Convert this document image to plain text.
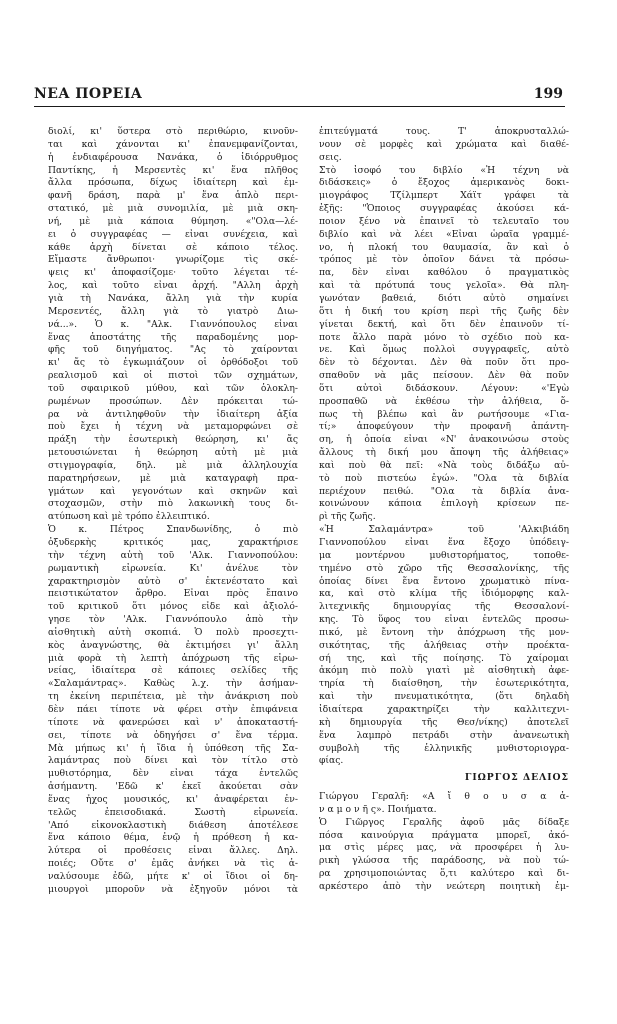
ΝΕΑ ΠΟΡΕΙΑ	199
διολί, κι' ὕστερα στὸ περιθώριο, κινοῦν-
ται καὶ χάνονται κι' ἐπανεμφανίζονται,
ἡ ἐνδιαφέρουσα Νανάκα, ὁ ἰδιόρρυθμος
Παντίκης, ἡ Μερσεντὲς κι' ἕνα πλῆθος
ἄλλα πρόσωπα, δίχως ἰδιαίτερη καὶ ἐμ-
φανῆ δράση, παρὰ μ' ἕνα ἁπλὸ περι-
στατικό, μὲ μιὰ συνομιλία, μὲ μιὰ σκη-
νή, μὲ μιὰ κάποια θύμηση. «"Ολα—λέ-
ει ὁ συγγραφέας — εἶναι συνέχεια, καὶ
κάθε ἀρχὴ δίνεται σὲ κάποιο τέλος.
Εἴμαστε ἄνθρωποι· γνωρίζομε τὶς σκέ-
ψεις κι' ἀποφασίζομε· τοῦτο λέγεται τέ-
λος, καὶ τοῦτο εἶναι ἀρχή. "Αλλη ἀρχὴ
γιὰ τὴ Νανάκα, ἄλλη γιὰ τὴν κυρία
Μερσεντές, ἄλλη γιὰ τὸ γιατρὸ Διω-
νά...». Ὁ κ. "Αλκ. Γιαννόπουλος εἶναι
ἕνας ἀποστάτης τῆς παραδομένης μορ-
φῆς τοῦ διηγήματος. "Ας τὸ χαίρονται
κι' ἄς τὸ ἐγκωμιάζουν οἱ ὀρθόδοξοι τοῦ
ρεαλισμοῦ καὶ οἱ πιστοὶ τῶν σχημάτων,
τοῦ σφαιρικοῦ μύθου, καὶ τῶν ὁλοκλη-
ρωμένων προσώπων. Δὲν πρόκειται τώ-
ρα νὰ ἀντιληφθοῦν τὴν ἰδιαίτερη ἀξία
ποὺ ἔχει ἡ τέχνη νὰ μεταμορφώνει σὲ
πράξη τὴν ἐσωτερικὴ θεώρηση, κι' ἄς
μετουσιώνεται ἡ θεώρηση αὐτὴ μὲ μιὰ
στιγμογραφία, δηλ. μὲ μιὰ ἀλληλουχία
παρατηρήσεων, μὲ μιὰ καταγραφὴ πρα-
γμάτων καὶ γεγονότων καὶ σκηνῶν καὶ
στοχασμῶν, στὴν πιὸ λακωνικὴ τους δι-
ατύπωση καὶ μὲ τρόπο ἐλλειπτικό.
Ὁ κ. Πέτρος Σπανδωνίδης, ὁ πιὸ
ὀξυδερκὴς κριτικός μας, χαρακτήρισε
τὴν τέχνη αὐτὴ τοῦ 'Αλκ. Γιαννοπούλου:
ρωμαντικὴ εἰρωνεία. Κι' ἀνέλυε τὸν
χαρακτηρισμὸν αὐτὸ σ' ἐκτενέστατο καὶ
πειστικώτατον ἄρθρο. Εἶναι πρὸς ἔπαινο
τοῦ κριτικοῦ ὅτι μόνος εἶδε καὶ ἀξιολό-
γησε τὸν 'Αλκ. Γιαννόπουλο ἀπὸ τὴν
αἰσθητικὴ αὐτὴ σκοπιά. Ὁ πολὺ προσεχτι-
κὸς ἀναγνώστης, θὰ ἐκτιμήσει γι' ἄλλη
μιὰ φορὰ τὴ λεπτὴ ἀπόχρωση τῆς εἰρω-
νείας, ἰδιαίτερα σὲ κάποιες σελίδες τῆς
«Σαλαμάντρας». Καθὼς λ.χ. τὴν ἀσήμαν-
τη ἐκείνη περιπέτεια, μὲ τὴν ἀνάκριση ποὺ
δὲν πάει τίποτε νὰ φέρει στὴν ἐπιφάνεια
τίποτε νὰ φανερώσει καὶ ν' ἀποκαταστή-
σει, τίποτε νὰ ὁδηγήσει σ' ἕνα τέρμα.
Μὰ μήπως κι' ἡ ἴδια ἡ ὑπόθεση τῆς Σα-
λαμάντρας ποὺ δίνει καὶ τὸν τίτλο στὸ
μυθιστόρημα, δὲν εἶναι τάχα ἐντελῶς
ἀσήμαντη. 'Εδῶ κ' ἐκεῖ ἀκούεται σὰν
ἕνας ἦχος μουσικός, κι' ἀναφέρεται ἐν-
τελῶς ἐπεισοδιακά. Σωστὴ εἰρωνεία.
'Από εἰκονοκλαστικὴ διάθεση ἀποτέλεσε
ἕνα κάποιο θέμα, ἐνῷ ἡ πρόθεση ἦ κα-
λύτερα οἱ προθέσεις εἶναι ἄλλες. Δηλ.
ποιές; Οὔτε σ' ἐμᾶς ἀνήκει νὰ τὶς ἀ-
ναλύσουμε ἐδῶ, μήτε κ' οἱ ἴδιοι οἱ δη-
μιουργοὶ μποροῦν νὰ ἐξηγοῦν μόνοι τὰ
ἐπιτεύγματά τους. Τ' ἀποκρυσταλλώ-
νουν σὲ μορφὲς καὶ χρώματα καὶ διαθέ-
σεις.
Στὸ ἰσοφό του διβλίο «Ἡ τέχνη νὰ
διδάσκεις» ὁ ἔξοχος ἀμερικανὸς δοκι-
μιογράφος Τζίλμπερτ Χάϊτ γράφει τὰ
ἑξῆς: "Ὁποιος συγγραφέας ἀκούσει κά-
ποιον ξένο νὰ ἐπαινεῖ τὸ τελευταῖο του
διβλίο καὶ νὰ λέει «Εἶναι ὡραῖα γραμμέ-
νο, ἡ πλοκή του θαυμασία, ἂν καὶ ὁ
τρόπος μὲ τὸν ὁποῖον δάνει τὰ πρόσω-
πα, δὲν εἶναι καθόλου ὁ πραγματικὸς
καὶ τὰ πρότυπά τους γελοῖα». Θὰ πλη-
γωνόταν βαθειά, διότι αὐτὸ σημαίνει
ὅτι ἡ δική του κρίση περὶ τῆς ζωῆς δὲν
γίνεται δεκτή, καὶ ὅτι δὲν ἐπαινοῦν τί-
ποτε ἄλλο παρὰ μόνο τὸ σχέδιο ποὺ κα-
νε. Καὶ ὅμως πολλοὶ συγγραφεῖς, αὐτὸ
δὲν τὸ δέχονται. Δὲν θὰ ποῦν ὅτι προ-
σπαθοῦν νὰ μᾶς πείσουν. Δὲν θὰ ποῦν
ὅτι αὐτοὶ διδάσκουν. Λέγουν: «'Εγὼ
προσπαθῶ νὰ ἐκθέσω τὴν ἀλήθεια, ὅ-
πως τὴ βλέπω καὶ ἂν ρωτήσουμε «Για-
τί;» ἀποφεύγουν τὴν προφανῆ ἀπάντη-
ση, ἡ ὁποία εἶναι «Ν' ἀνακοινώσω στοὺς
ἄλλους τὴ δική μου ἄποψη τῆς ἀλήθειας»
καὶ ποὺ θὰ πεῖ: «Νὰ τοὺς διδάξω αὐ-
τὸ ποὺ πιστεύω ἐγώ». "Ολα τὰ διβλία
περιέχουν πειθώ. "Ολα τὰ διβλία ἀνα-
κοινώνουν κάποια ἐπιλογὴ κρίσεων πε-
ρὶ τῆς ζωῆς.
«Ἡ Σαλαμάντρα» τοῦ 'Αλκιβιάδη
Γιαννοπούλου εἶναι ἕνα ἔξοχο ὑπόδειγ-
μα μοντέρνου μυθιστορήματος, τοποθε-
τημένο στὸ χῶρο τῆς Θεσσαλονίκης, τῆς
ὁποίας δίνει ἕνα ἔντονο χρωματικὸ πίνα-
κα, καὶ στὸ κλίμα τῆς ἰδιόμορφης καλ-
λιτεχνικῆς δημιουργίας τῆς Θεσσαλονί-
κης. Τὸ ὕφος του εἶναι ἐντελῶς προσω-
πικό, μὲ ἔντονη τὴν ἀπόχρωση τῆς μον-
σικότητας, τῆς ἀλήθειας στὴν προέκτα-
σή της, καὶ τῆς ποίησης. Τὸ χαίρομαι
ἀκόμη πιὸ πολὺ γιατὶ μὲ αἰσθητικὴ ἀφε-
τηρία τὴ διαίσθηση, τὴν ἐσωτερικότητα,
καὶ τὴν πνευματικότητα, (ὅτι δηλαδὴ
ἰδιαίτερα χαρακτηρίζει τὴν καλλιτεχνι-
κὴ δημιουργία τῆς Θεσ/νίκης) ἀποτελεῖ
ἕνα λαμπρὸ πετράδι στὴν ἀνανεωτικὴ
συμβολὴ τῆς ἑλληνικῆς μυθιστοριογρα-
φίας.
ΓΙΩΡΓΟΣ ΔΕΛΙΟΣ
Γιώργου Γεραλῆ: «Α ἴ θ ο υ σ α ἀ-
ν α μ ο ν ῆ ς». Ποιήματα.
Ὁ Γιῶργος Γεραλῆς ἀφοῦ μᾶς δίδαξε
πόσα καινούργια πράγματα μπορεῖ, ἀκό-
μα στὶς μέρες μας, νὰ προσφέρει ἡ λυ-
ρικὴ γλώσσα τῆς παράδοσης, νὰ ποὺ τώ-
ρα χρησιμοποιώντας ὅ,τι καλύτερο καὶ δι-
αρκέστερο ἀπὸ τὴν νεώτερη ποιητικὴ ἐμ-
